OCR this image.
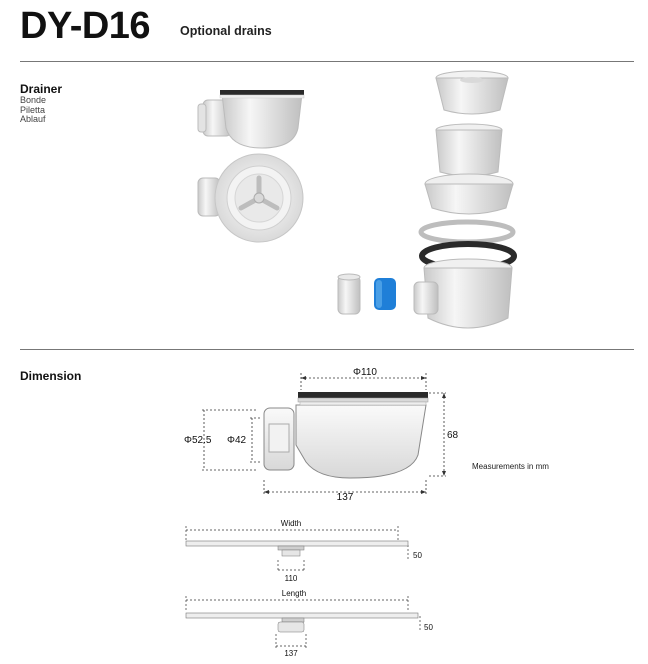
DY-D16 Optional drains
Drainer
Bonde
Piletta
Ablauf
Dimension	Φ110
68
137
Φ52.5 Φ42
Measurements in mm
Width
50
110
Length
50
137
